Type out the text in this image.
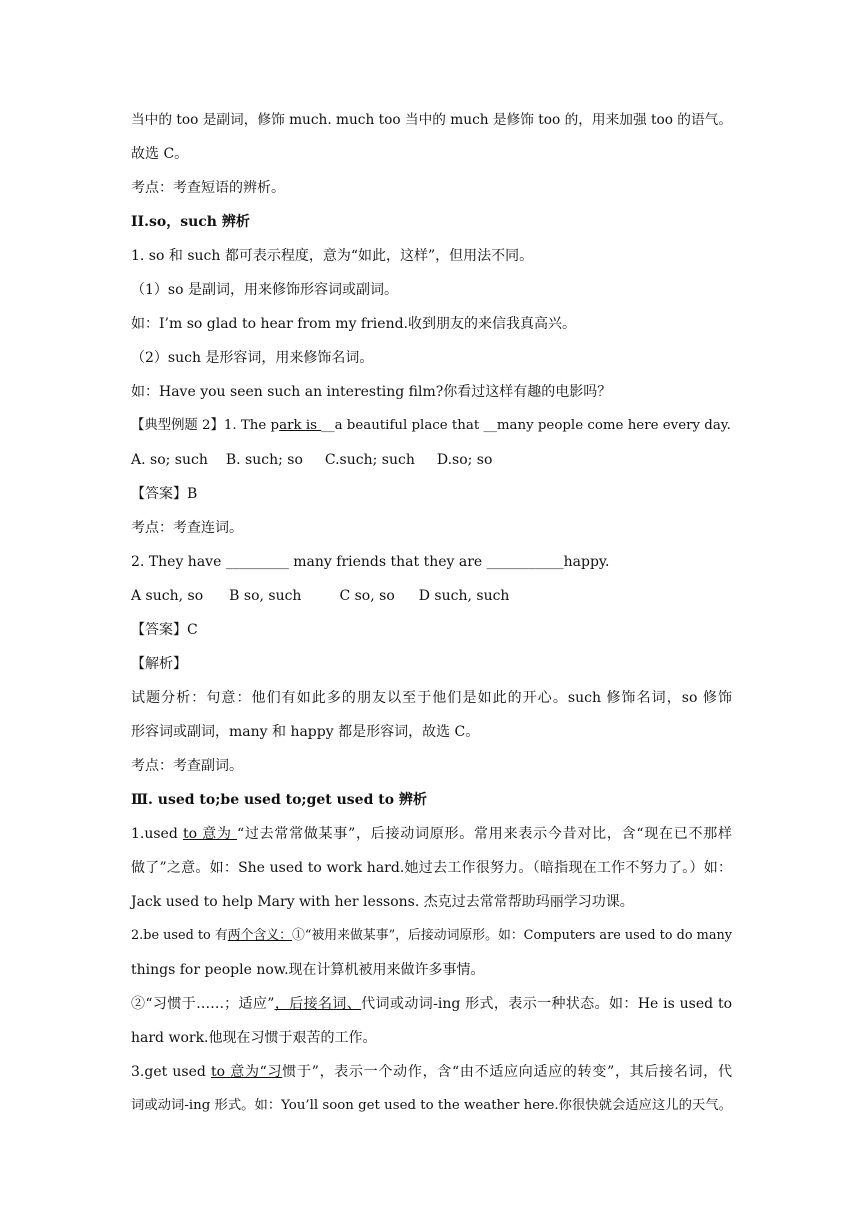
当中的 too 是副词，修饰 much. much too 当中的 much 是修饰 too 的，用来加强 too 的语气。
故选 C。
考点：考查短语的辨析。
II.so，such 辨析
1. so 和 such 都可表示程度，意为“如此，这样”，但用法不同。
（1）so 是副词，用来修饰形容词或副词。
如：I’m so glad to hear from my friend.收到朋友的来信我真高兴。
（2）such 是形容词，用来修饰名词。
如：Have you seen such an interesting film?你看过这样有趣的电影吗？
【典型例题 2】1. The park is __a beautiful place that __many people come here every day.
A. so; such B. such; so C.such; such D.so; so
【答案】B
考点：考查连词。
2. They have _________ many friends that they are ___________happy.
A such, so B so, such	C so, so D such, such
【答案】C
【解析】
试题分析：句意：他们有如此多的朋友以至于他们是如此的开心。such 修饰名词，so 修饰
形容词或副词，many 和 happy 都是形容词，故选 C。
考点：考查副词。
Ⅲ. used to;be used to;get used to 辨析
1.used to 意为 “过去常常做某事”，后接动词原形。常用来表示今昔对比，含“现在已不那样
做了”之意。如：She used to work hard.她过去工作很努力。（暗指现在工作不努力了。）如：
Jack used to help Mary with her lessons. 杰克过去常常帮助玛丽学习功课。
2.be used to 有两个含义：①“被用来做某事”，后接动词原形。如：Computers are used to do many
things for people now.现在计算机被用来做许多事情。
②“习惯于……；适应”，后接名词、代词或动词-ing 形式，表示一种状态。如：He is used to
hard work.他现在习惯于艰苦的工作。
3.get used to 意为“习惯于”，表示一个动作，含“由不适应向适应的转变”，其后接名词，代
词或动词-ing 形式。如：You’ll soon get used to the weather here.你很快就会适应这儿的天气。
